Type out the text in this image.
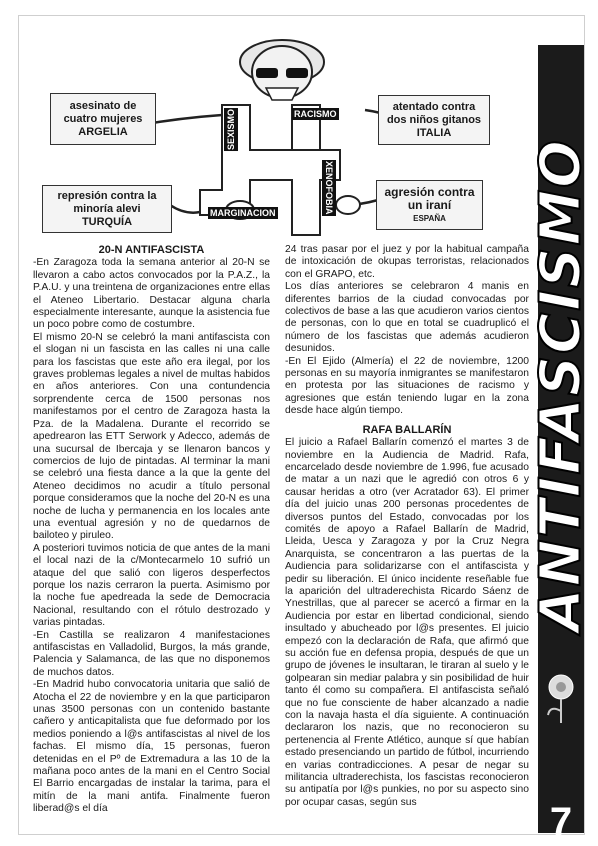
asesinato de
cuatro mujeres
ARGELIA
atentado contra
dos niños gitanos
ITALIA
represión contra la
minoría alevi
TURQUÍA
agresión contra
un iraní
ESPAÑA
SEXISMO	RACISMO
XENOFOBIA
MARGINACION	ANTIFASCISMO
7
20-N ANTIFASCISTA

-En Zaragoza toda la semana anterior al 20-N se llevaron a cabo actos convocados por la P.A.Z., la P.A.U. y una treintena de organizaciones entre ellas el Ateneo Libertario. Destacar alguna charla especialmente interesante, aunque la asistencia fue un poco pobre como de costumbre.

El mismo 20-N se celebró la mani antifascista con el slogan ni un fascista en las calles ni una calle para los fascistas que este año era ilegal, por los graves problemas legales a nivel de multas habidos en años anteriores. Con una contundencia sorprendente cerca de 1500 personas nos manifestamos por el centro de Zaragoza hasta la Pza. de la Madalena. Durante el recorrido se apedrearon las ETT Serwork y Adecco, además de una sucursal de Ibercaja y se llenaron bancos y comercios de lujo de pintadas. Al terminar la mani se celebró una fiesta dance a la que la gente del Ateneo decidimos no acudir a título personal porque consideramos que la noche del 20-N es una noche de lucha y permanencia en los locales ante una eventual agresión y no de quedarnos de bailoteo y piruleo.

A posteriori tuvimos noticia de que antes de la mani el local nazi de la c/Montecarmelo 10 sufrió un ataque del que salió con ligeros desperfectos porque los nazis cerraron la puerta. Asimismo por la noche fue apedreada la sede de Democracia Nacional, resultando con el rótulo destrozado y varias pintadas.

-En Castilla se realizaron 4 manifestaciones antifascistas en Valladolid, Burgos, la más grande, Palencia y Salamanca, de las que no disponemos de muchos datos.

-En Madrid hubo convocatoria unitaria que salió de Atocha el 22 de noviembre y en la que participaron unas 3500 personas con un contenido bastante cañero y anticapitalista que fue deformado por los medios poniendo a l@s antifascistas al nivel de los fachas. El mismo día, 15 personas, fueron detenidas en el Pº de Extremadura a las 10 de la mañana poco antes de la mani en el Centro Social El Barrio encargadas de instalar la tarima, para el mitín de la mani antifa. Finalmente fueron liberad@s el día

24 tras pasar por el juez y por la habitual campaña de intoxicación de okupas terroristas, relacionados con el GRAPO, etc.

Los días anteriores se celebraron 4 manis en diferentes barrios de la ciudad convocadas por colectivos de base a las que acudieron varios cientos de personas, con lo que en total se cuadruplicó el número de los fascistas que además acudieron desunidos.

-En El Ejido (Almería) el 22 de noviembre, 1200 personas en su mayoría inmigrantes se manifestaron en protesta por las situaciones de racismo y agresiones que están teniendo lugar en la zona desde hace algún tiempo.

RAFA BALLARÍN

El juicio a Rafael Ballarín comenzó el martes 3 de noviembre en la Audiencia de Madrid. Rafa, encarcelado desde noviembre de 1.996, fue acusado de matar a un nazi que le agredió con otros 6 y causar heridas a otro (ver Acratador 63). El primer día del juicio unas 200 personas procedentes de diversos puntos del Estado, convocadas por los comités de apoyo a Rafael Ballarín de Madrid, Lleida, Uesca y Zaragoza y por la Cruz Negra Anarquista, se concentraron a las puertas de la Audiencia para solidarizarse con el antifascista y pedir su liberación. El único incidente reseñable fue la aparición del ultraderechista Ricardo Sáenz de Ynestrillas, que al parecer se acercó a firmar en la Audiencia por estar en libertad condicional, siendo insultado y abucheado por l@s presentes. El juicio empezó con la declaración de Rafa, que afirmó que su acción fue en defensa propia, después de que un grupo de jóvenes le insultaran, le tiraran al suelo y le golpearan sin mediar palabra y sin posibilidad de huir tanto él como su compañera. El antifascista señaló que no fue consciente de haber alcanzado a nadie con la navaja hasta el día siguiente. A continuación declararon los nazis, que no reconocieron su pertenencia al Frente Atlético, aunque sí que habían estado presenciando un partido de fútbol, incurriendo en varias contradicciones. A pesar de negar su militancia ultraderechista, los fascistas reconocieron su antipatía por l@s punkies, no por su aspecto sino por ocupar casas, según sus
